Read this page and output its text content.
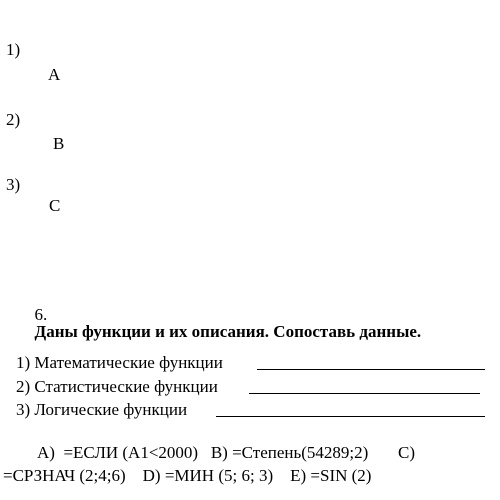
1)
A
2)
B
3)
C

6.
Даны функции и их описания. Сопоставь данные.

1) Математические функции
2) Статистические функции
3) Логические функции
A)  =ЕСЛИ (А1<2000)   B) =Степень(54289;2)       C)
=СРЗНАЧ (2;4;6)    D) =МИН (5; 6; 3)    E) =SIN (2)
